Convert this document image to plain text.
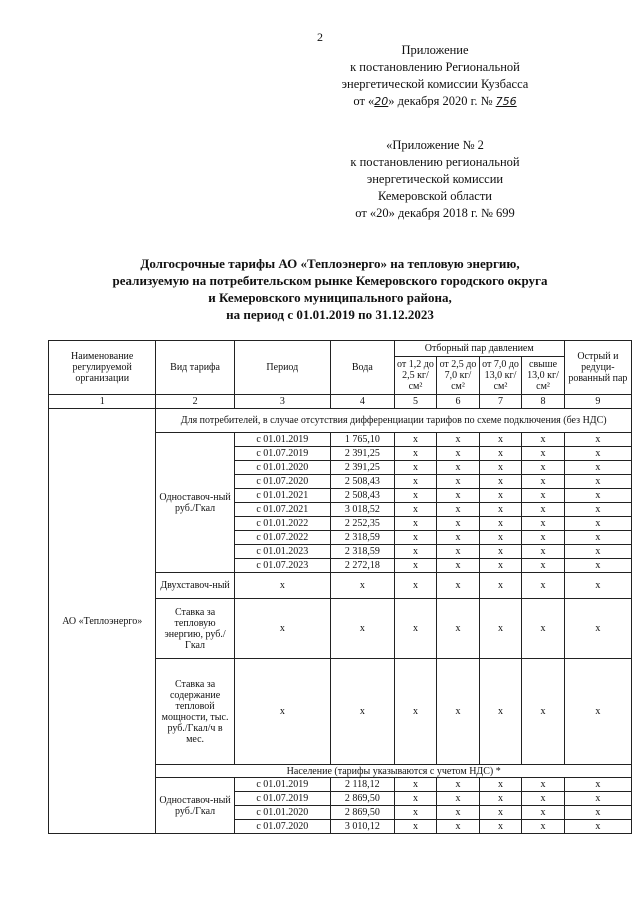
2
Приложение
к постановлению Региональной
энергетической комиссии Кузбасса
от «20» декабря 2020 г. № 756
«Приложение № 2
к постановлению региональной
энергетической комиссии
Кемеровской области
от «20» декабря 2018 г. № 699
Долгосрочные тарифы АО «Теплоэнерго» на тепловую энергию,
реализуемую на потребительском рынке Кемеровского городского округа
и Кемеровского муниципального района,
на период с 01.01.2019 по 31.12.2023
Наименование регулируемой организации	Вид тарифа	Период	Вода	Отборный пар давлением				Острый и редуци-рованный пар
				от 1,2 до 2,5 кг/см²	от 2,5 до 7,0 кг/см²	от 7,0 до 13,0 кг/см²	свыше 13,0 кг/см²	
1	2	3	4	5	6	7	8	9
АО «Теплоэнерго»	Для потребителей, в случае отсутствия дифференциации тарифов по схеме подключения (без НДС)							
	Одноставоч-ный руб./Гкал	с 01.01.2019	1 765,10	х	х	х	х	х
		с 01.07.2019	2 391,25	х	х	х	х	х
		с 01.01.2020	2 391,25	х	х	х	х	х
		с 01.07.2020	2 508,43	х	х	х	х	х
		с 01.01.2021	2 508,43	х	х	х	х	х
		с 01.07.2021	3 018,52	х	х	х	х	х
		с 01.01.2022	2 252,35	х	х	х	х	х
		с 01.07.2022	2 318,59	х	х	х	х	х
		с 01.01.2023	2 318,59	х	х	х	х	х
		с 01.07.2023	2 272,18	х	х	х	х	х
	Двухставоч-ный	х	х	х	х	х	х	х
	Ставка за тепловую энергию, руб./Гкал	х	х	х	х	х	х	х
	Ставка за содержание тепловой мощности, тыс. руб./Гкал/ч в мес.	х	х	х	х	х	х	х
	Население (тарифы указываются с учетом НДС) *							
	Одноставоч-ный руб./Гкал	с 01.01.2019	2 118,12	х	х	х	х	х
		с 01.07.2019	2 869,50	х	х	х	х	х
		с 01.01.2020	2 869,50	х	х	х	х	х
		с 01.07.2020	3 010,12	х	х	х	х	х
